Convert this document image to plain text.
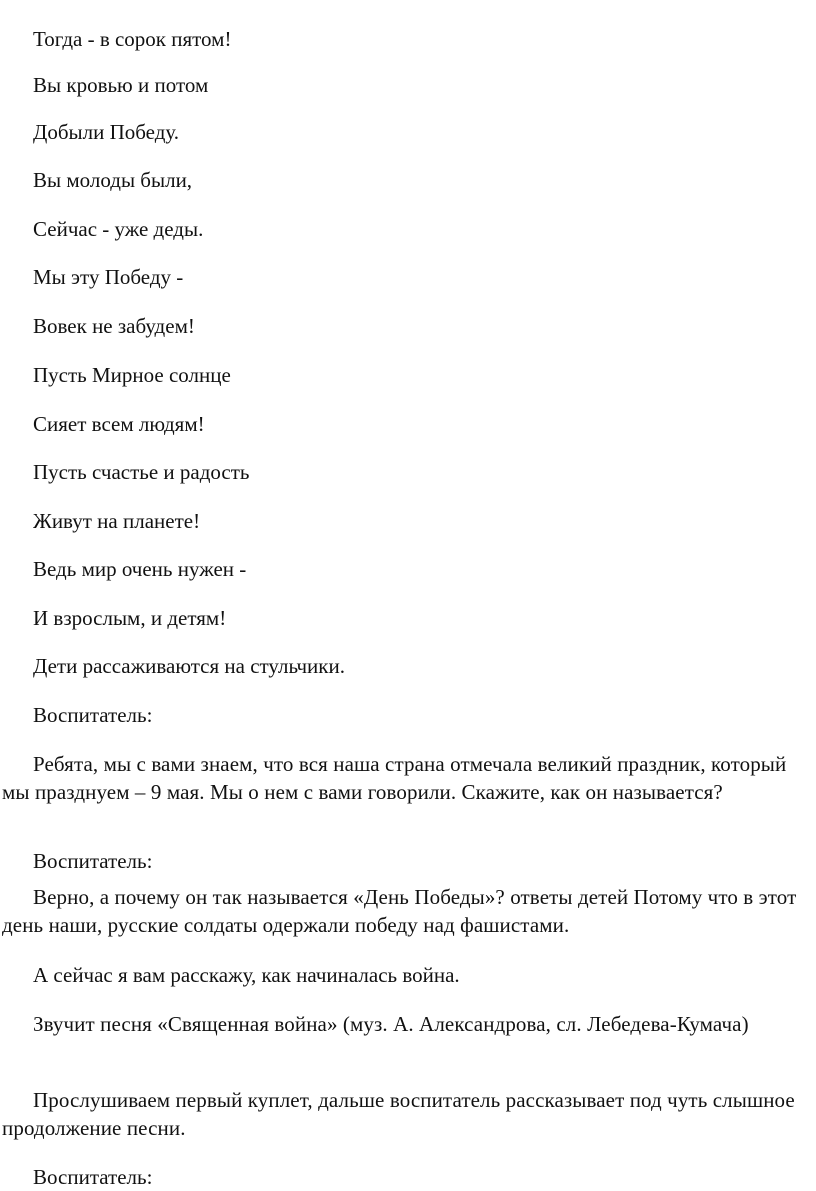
Тогда - в сорок пятом!

Вы кровью и потом

Добыли Победу.

Вы молоды были,

Сейчас - уже деды.

Мы эту Победу -

Вовек не забудем!

Пусть Мирное солнце

Сияет всем людям!

Пусть счастье и радость

Живут на планете!

Ведь мир очень нужен -

И взрослым, и детям!

Дети рассаживаются на стульчики.

Воспитатель:

Ребята, мы с вами знаем, что вся наша страна отмечала великий праздник, который мы празднуем – 9 мая. Мы о нем с вами говорили. Скажите, как он называется?

Воспитатель:

Верно, а почему он так называется «День Победы»? ответы детей Потому что в этот день наши, русские солдаты одержали победу над фашистами.

А сейчас я вам расскажу, как начиналась война.

Звучит песня «Священная война» (муз. А. Александрова, сл. Лебедева-Кумача)

Прослушиваем первый куплет, дальше воспитатель рассказывает под чуть слышное продолжение песни.

Воспитатель:
